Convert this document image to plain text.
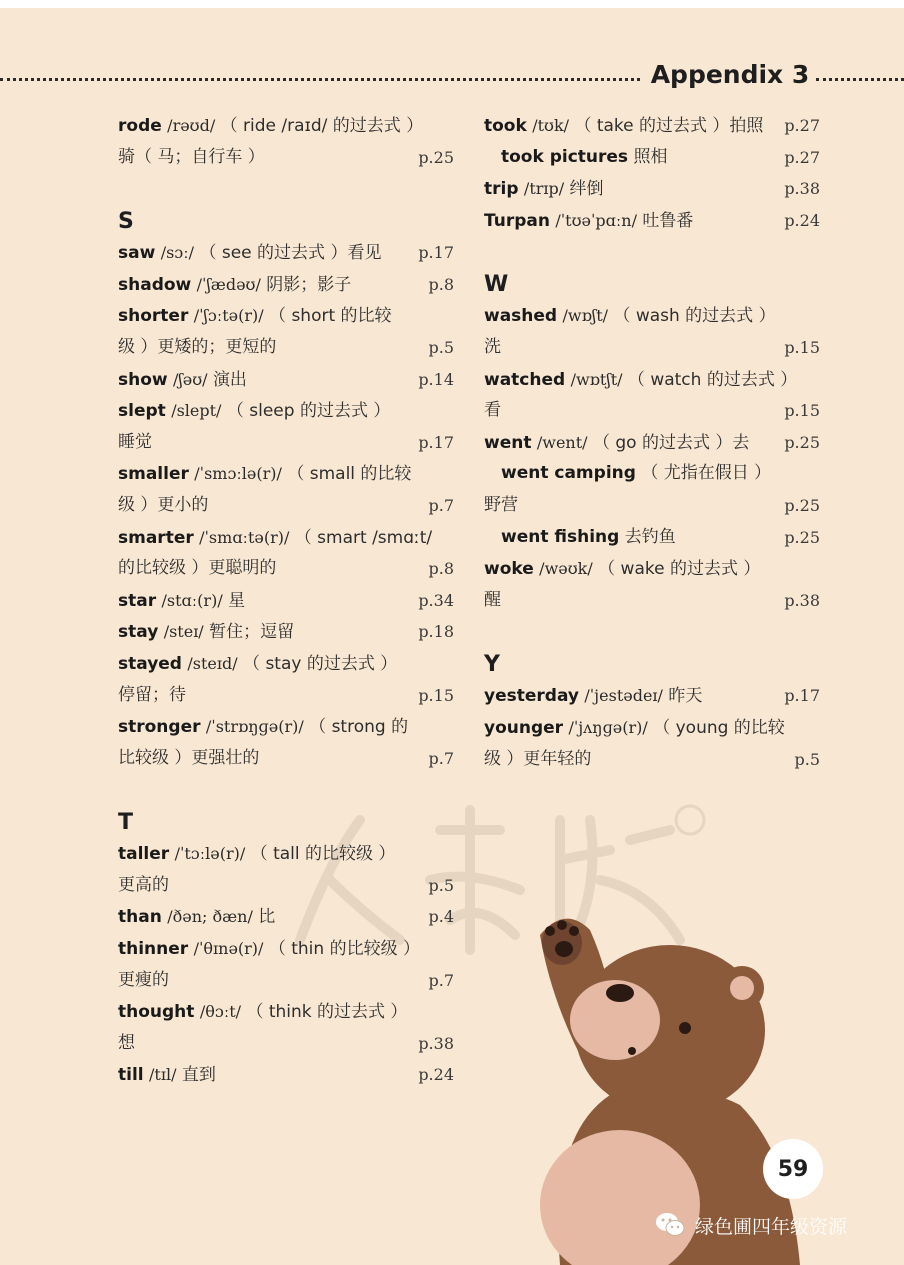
Appendix 3
rode /rəʊd/ （ ride /raɪd/ 的过去式 ）
骑（ 马；自行车 ）	p.25
S
saw /sɔː/ （ see 的过去式 ）看见 p.17
shadow /ˈʃædəʊ/ 阴影；影子	p.8
shorter /ˈʃɔːtə(r)/ （ short 的比较
级 ）更矮的；更短的	p.5
show /ʃəʊ/ 演出	p.14
slept /slept/ （ sleep 的过去式 ）
睡觉	p.17
smaller /ˈsmɔːlə(r)/ （ small 的比较
级 ）更小的	p.7
smarter /ˈsmɑːtə(r)/ （ smart /smɑːt/
的比较级 ）更聪明的	p.8
star /stɑː(r)/ 星	p.34
stay /steɪ/ 暂住；逗留	p.18
stayed /steɪd/ （ stay 的过去式 ）
停留；待	p.15
stronger /ˈstrɒŋɡə(r)/ （ strong 的
比较级 ）更强壮的	p.7
T
taller /ˈtɔːlə(r)/ （ tall 的比较级 ）
更高的	p.5
than /ðən; ðæn/ 比	p.4
thinner /ˈθɪnə(r)/ （ thin 的比较级 ）
更瘦的	p.7
thought /θɔːt/ （ think 的过去式 ）
想	p.38
till /tɪl/ 直到	p.24
took /tʊk/ （ take 的过去式 ）拍照 p.27
took pictures 照相	p.27
trip /trɪp/ 绊倒	p.38
Turpan /ˈtʊəˈpɑːn/ 吐鲁番	p.24
W
washed /wɒʃt/ （ wash 的过去式 ）
洗	p.15
watched /wɒtʃt/ （ watch 的过去式 ）
看	p.15
went /went/ （ go 的过去式 ）去 p.25
went camping （ 尤指在假日 ）
野营	p.25
went fishing 去钓鱼	p.25
woke /wəʊk/ （ wake 的过去式 ）
醒	p.38
Y
yesterday /ˈjestədeɪ/ 昨天	p.17
younger /ˈjʌŋɡə(r)/ （ young 的比较
级 ）更年轻的	p.5
59
绿色圃四年级资源
